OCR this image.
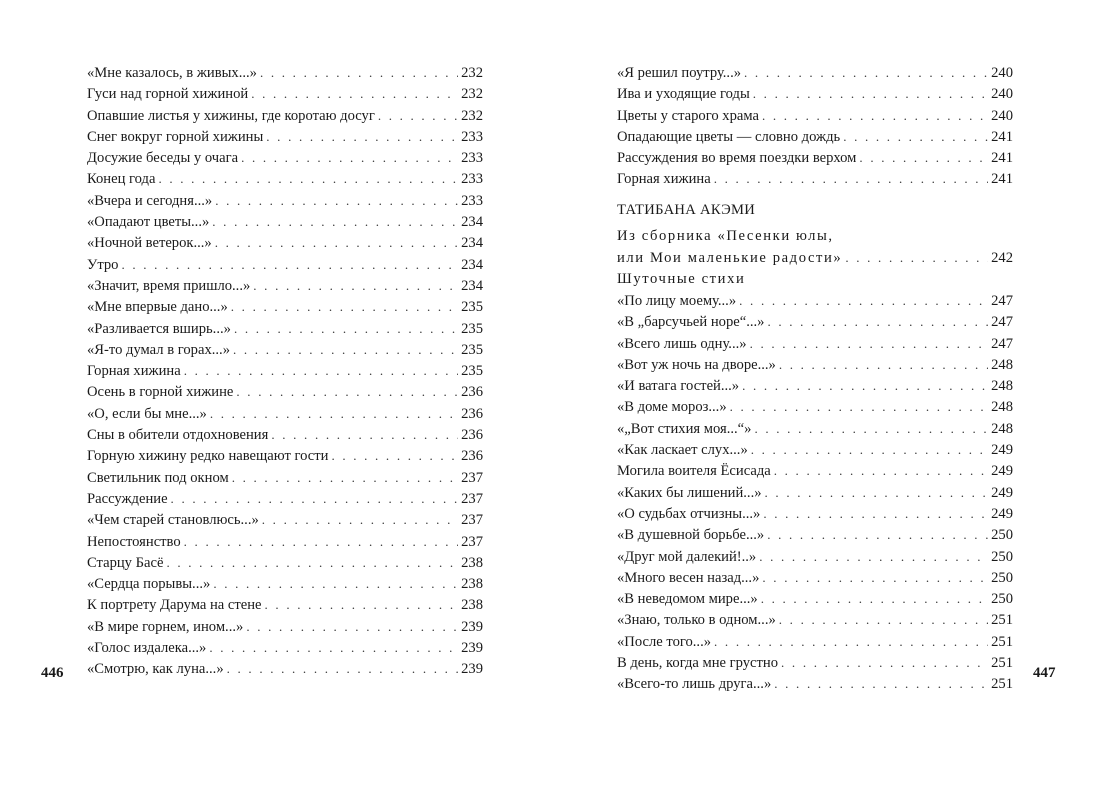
446
«Мне казалось, в живых...» . . .	232
Гуси над горной хижиной . . .	232
Опавшие листья у хижины, где коротаю досуг . . .	232
Снег вокруг горной хижины . . .	233
Досужие беседы у очага . . .	233
Конец года . . .	233
«Вчера и сегодня...» . . .	233
«Опадают цветы...» . . .	234
«Ночной ветерок...» . . .	234
Утро . . .	234
«Значит, время пришло...» . . .	234
«Мне впервые дано...» . . .	235
«Разливается вширь...» . . .	235
«Я-то думал в горах...» . . .	235
Горная хижина . . .	235
Осень в горной хижине . . .	236
«О, если бы мне...» . . .	236
Сны в обители отдохновения . . .	236
Горную хижину редко навещают гости . . .	236
Светильник под окном . . .	237
Рассуждение . . .	237
«Чем старей становлюсь...» . . .	237
Непостоянство . . .	237
Старцу Басё . . .	238
«Сердца порывы...» . . .	238
К портрету Дарума на стене . . .	238
«В мире горнем, ином...» . . .	239
«Голос издалека...» . . .	239
«Смотрю, как луна...» . . .	239
«Я решил поутру...» . . .	240
Ива и уходящие годы . . .	240
Цветы у старого храма . . .	240
Опадающие цветы — словно дождь . . .	241
Рассуждения во время поездки верхом . . .	241
Горная хижина . . .	241
ТАТИБАНА АКЭМИ
Из сборника «Песенки юлы,
или Мои маленькие радости» . . .	242
Шуточные стихи
«По лицу моему...» . . .	247
«В „барсучьей норе“...» . . .	247
«Всего лишь одну...» . . .	247
«Вот уж ночь на дворе...» . . .	248
«И ватага гостей...» . . .	248
«В доме мороз...» . . .	248
«„Вот стихия моя...“» . . .	248
«Как ласкает слух...» . . .	249
Могила воителя Ёсисада . . .	249
«Каких бы лишений...» . . .	249
«О судьбах отчизны...» . . .	249
«В душевной борьбе...» . . .	250
«Друг мой далекий!..» . . .	250
«Много весен назад...» . . .	250
«В неведомом мире...» . . .	250
«Знаю, только в одном...» . . .	251
«После того...» . . .	251
В день, когда мне грустно . . .	251
«Всего-то лишь друга...» . . .	251
447
